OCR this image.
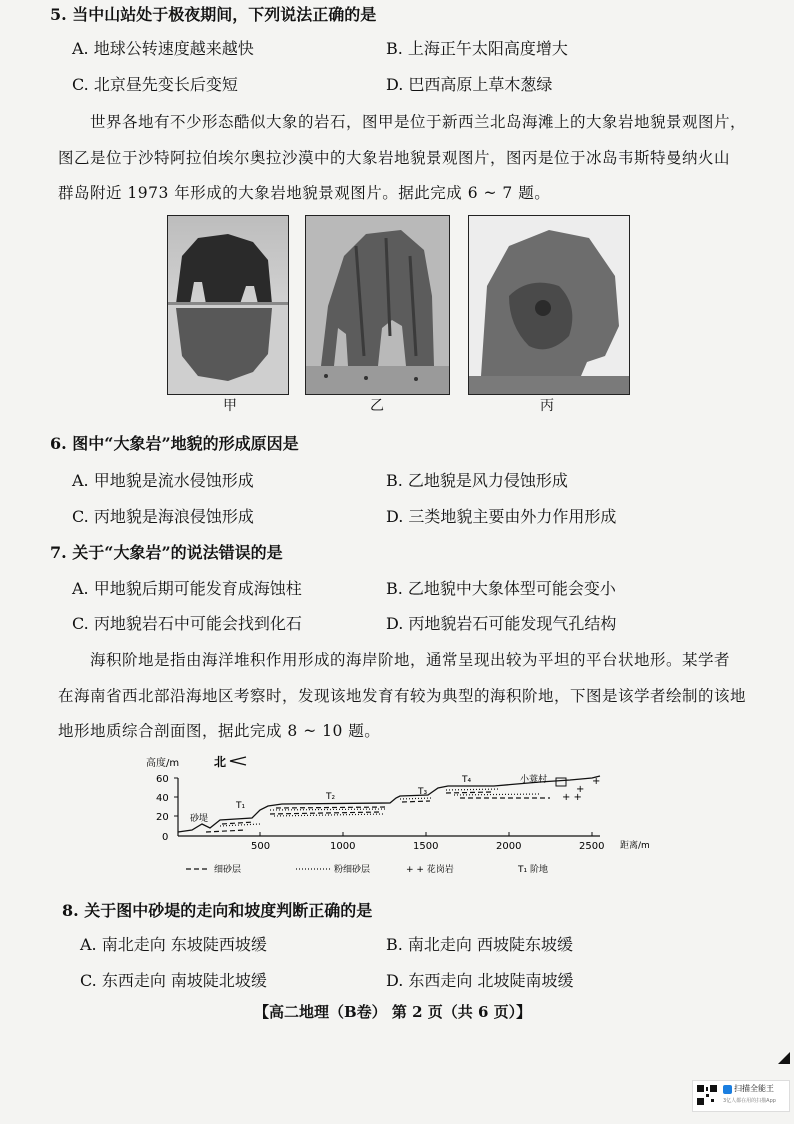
5. 当中山站处于极夜期间，下列说法正确的是
A. 地球公转速度越来越快	B. 上海正午太阳高度增大
C. 北京昼先变长后变短	D. 巴西高原上草木葱绿
世界各地有不少形态酷似大象的岩石，图甲是位于新西兰北岛海滩上的大象岩地貌景观图片，
图乙是位于沙特阿拉伯埃尔奥拉沙漠中的大象岩地貌景观图片，图丙是位于冰岛韦斯特曼纳火山
群岛附近 1973 年形成的大象岩地貌景观图片。据此完成 6 ~ 7 题。
甲	乙	丙
6. 图中“大象岩”地貌的形成原因是
A. 甲地貌是流水侵蚀形成	B. 乙地貌是风力侵蚀形成
C. 丙地貌是海浪侵蚀形成	D. 三类地貌主要由外力作用形成
7. 关于“大象岩”的说法错误的是
A. 甲地貌后期可能发育成海蚀柱	B. 乙地貌中大象体型可能会变小
C. 丙地貌岩石中可能会找到化石	D. 丙地貌岩石可能发现气孔结构
海积阶地是指由海洋堆积作用形成的海岸阶地，通常呈现出较为平坦的平台状地形。某学者
在海南省西北部沿海地区考察时，发现该地发育有较为典型的海积阶地，下图是该学者绘制的该地
地形地质综合剖面图，据此完成 8 ~ 10 题。
高度/m	北
60
40
20
0
500	1000	1500	2000	2500 距离/m
+ +
+
+
砂堤
T₁
T₂	T₃
T₄	小蓑村
细砂层	粉细砂层	+ + 花岗岩	T₁ 阶地
8. 关于图中砂堤的走向和坡度判断正确的是
A. 南北走向 东坡陡西坡缓	B. 南北走向 西坡陡东坡缓
C. 东西走向 南坡陡北坡缓	D. 东西走向 北坡陡南坡缓
【高二地理（B卷） 第 2 页（共 6 页）】
扫描全能王
3亿人都在用的扫描App
